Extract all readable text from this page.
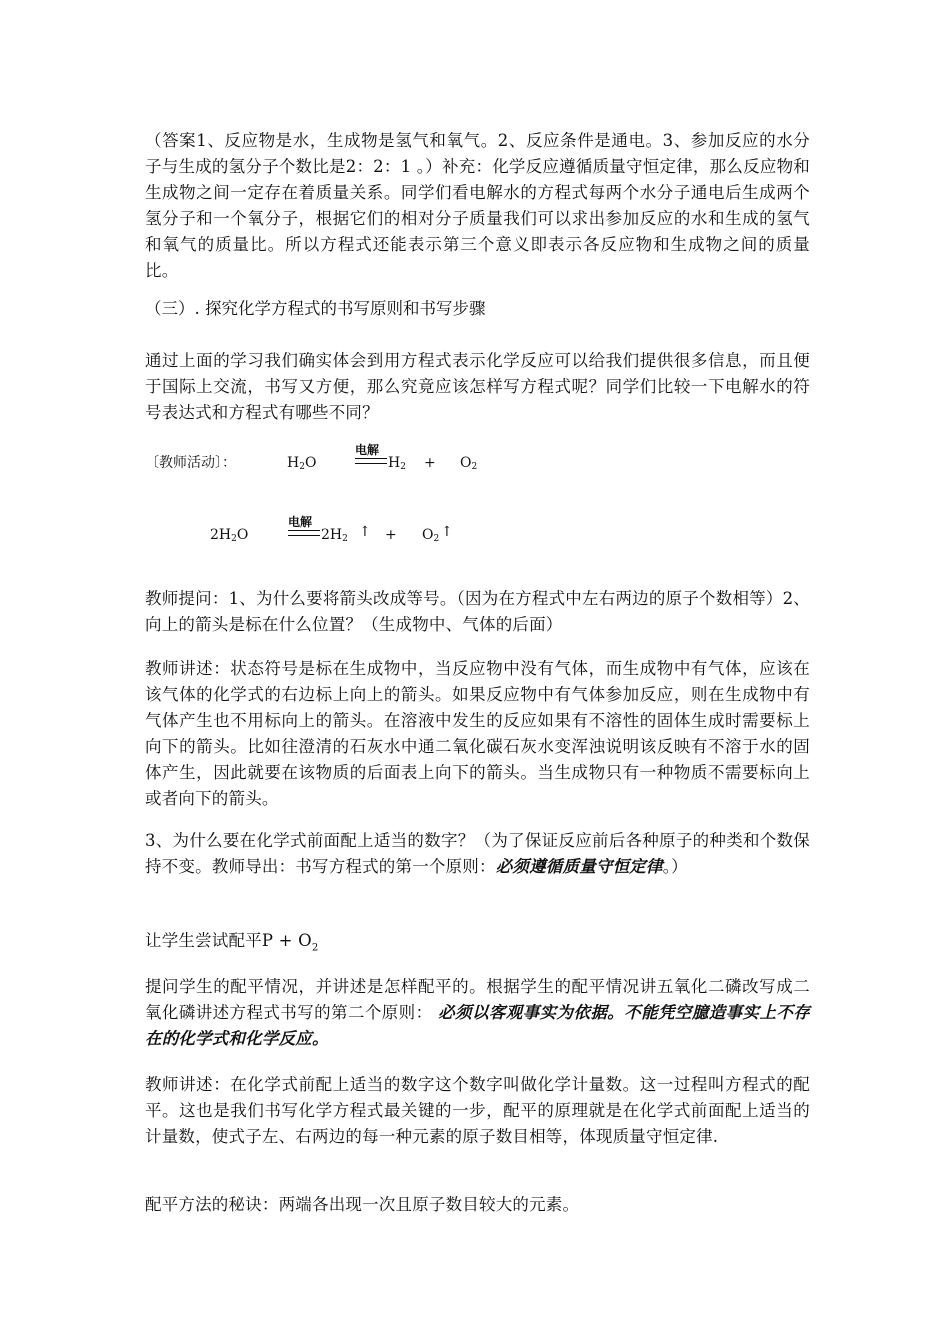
（答案1、反应物是水，生成物是氢气和氧气。2、反应条件是通电。3、参加反应的水分子与生成的氢分子个数比是2：2：1 。）补充：化学反应遵循质量守恒定律，那么反应物和生成物之间一定存在着质量关系。同学们看电解水的方程式每两个水分子通电后生成两个氢分子和一个氧分子，根据它们的相对分子质量我们可以求出参加反应的水和生成的氢气和氧气的质量比。所以方程式还能表示第三个意义即表示各反应物和生成物之间的质量比。
（三）. 探究化学方程式的书写原则和书写步骤
通过上面的学习我们确实体会到用方程式表示化学反应可以给我们提供很多信息，而且便于国际上交流，书写又方便，那么究竟应该怎样写方程式呢？同学们比较一下电解水的符号表达式和方程式有哪些不同？
〔教师活动〕：	$H_2O$
电解
$H_2 + O_2$
$2H_2O$
电解
$2H_2$ ↑ + $O_2$ ↑
教师提问：1、为什么要将箭头改成等号。（因为在方程式中左右两边的原子个数相等）2、向上的箭头是标在什么位置？（生成物中、气体的后面）
教师讲述：状态符号是标在生成物中，当反应物中没有气体，而生成物中有气体，应该在该气体的化学式的右边标上向上的箭头。如果反应物中有气体参加反应，则在生成物中有气体产生也不用标向上的箭头。在溶液中发生的反应如果有不溶性的固体生成时需要标上向下的箭头。比如往澄清的石灰水中通二氧化碳石灰水变浑浊说明该反映有不溶于水的固体产生，因此就要在该物质的后面表上向下的箭头。当生成物只有一种物质不需要标向上或者向下的箭头。
3、为什么要在化学式前面配上适当的数字？（为了保证反应前后各种原子的种类和个数保持不变。教师导出：书写方程式的第一个原则：必须遵循质量守恒定律。）
让学生尝试配平$P + O_2$
提问学生的配平情况，并讲述是怎样配平的。根据学生的配平情况讲五氧化二磷改写成二氧化磷讲述方程式书写的第二个原则： 必须以客观事实为依据。不能凭空臆造事实上不存在的化学式和化学反应。
教师讲述：在化学式前配上适当的数字这个数字叫做化学计量数。这一过程叫方程式的配平。这也是我们书写化学方程式最关键的一步，配平的原理就是在化学式前面配上适当的计量数，使式子左、右两边的每一种元素的原子数目相等，体现质量守恒定律.
配平方法的秘诀：两端各出现一次且原子数目较大的元素。
